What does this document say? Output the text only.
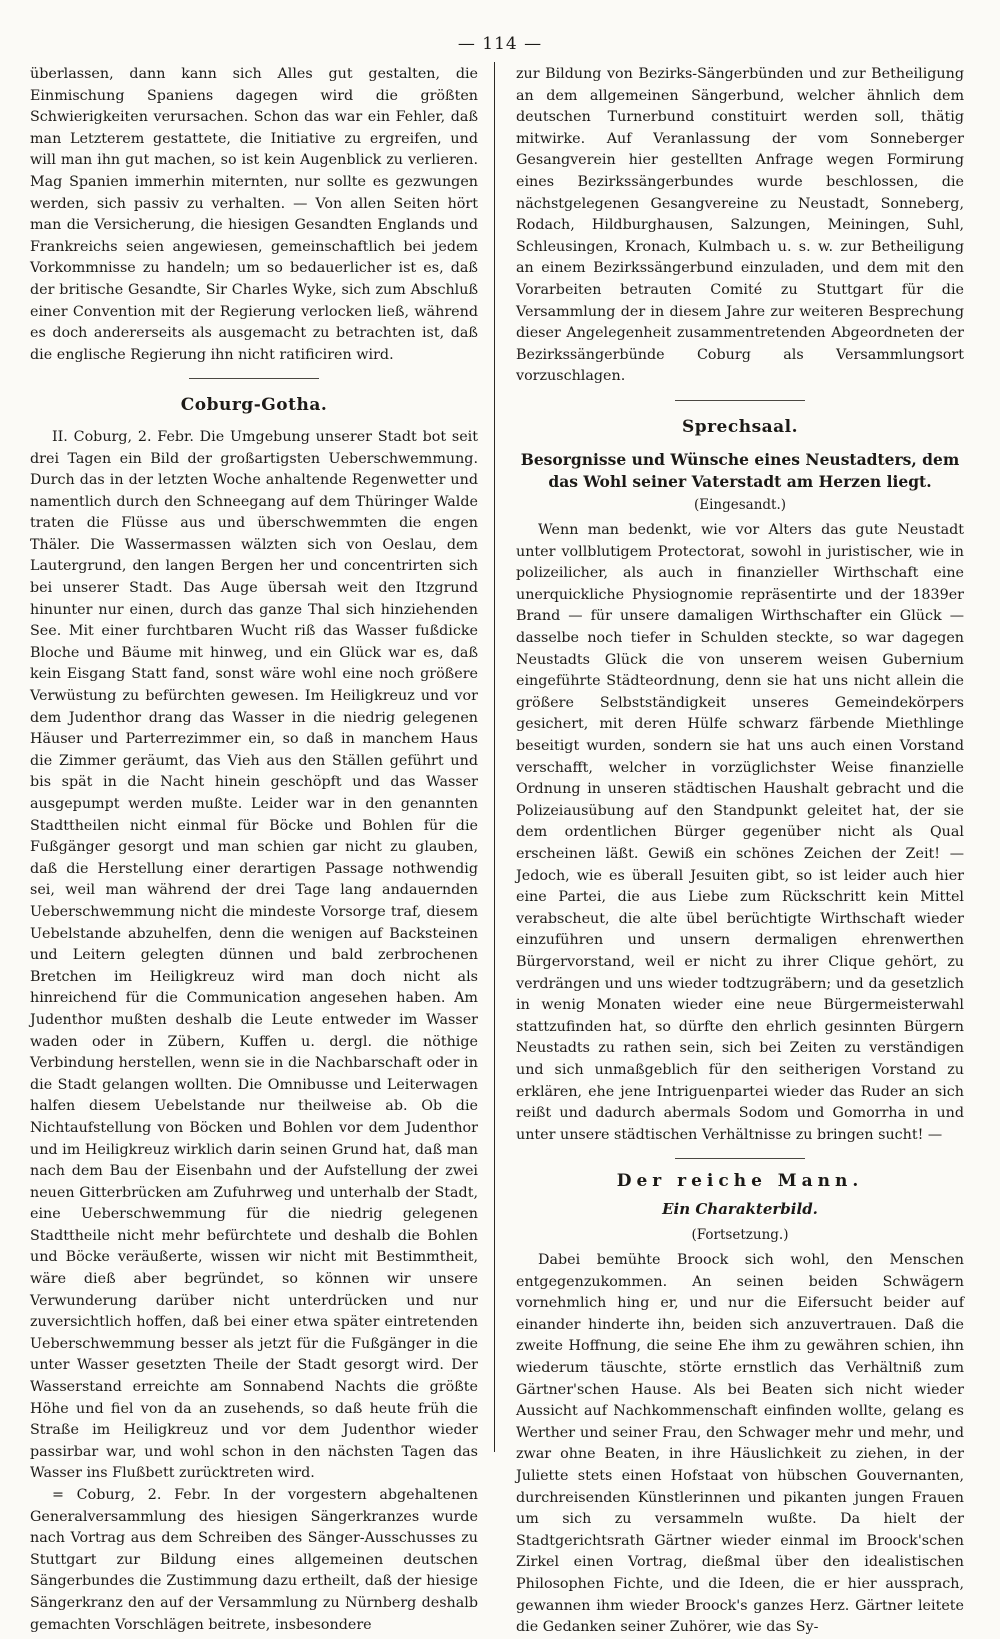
— 114 —

überlassen, dann kann sich Alles gut gestalten, die Einmischung Spaniens dagegen wird die größten Schwierigkeiten verursachen. Schon das war ein Fehler, daß man Letzterem gestattete, die Initiative zu ergreifen, und will man ihn gut machen, so ist kein Augenblick zu verlieren. Mag Spanien immerhin miternten, nur sollte es gezwungen werden, sich passiv zu verhalten. — Von allen Seiten hört man die Versicherung, die hiesigen Gesandten Englands und Frankreichs seien angewiesen, gemeinschaftlich bei jedem Vorkommnisse zu handeln; um so bedauerlicher ist es, daß der britische Gesandte, Sir Charles Wyke, sich zum Abschluß einer Convention mit der Regierung verlocken ließ, während es doch andererseits als ausgemacht zu betrachten ist, daß die englische Regierung ihn nicht ratificiren wird.

Coburg-Gotha.

II. Coburg, 2. Febr. Die Umgebung unserer Stadt bot seit drei Tagen ein Bild der großartigsten Ueberschwemmung. Durch das in der letzten Woche anhaltende Regenwetter und namentlich durch den Schneegang auf dem Thüringer Walde traten die Flüsse aus und überschwemmten die engen Thäler. Die Wassermassen wälzten sich von Oeslau, dem Lautergrund, den langen Bergen her und concentrirten sich bei unserer Stadt. Das Auge übersah weit den Itzgrund hinunter nur einen, durch das ganze Thal sich hinziehenden See. Mit einer furchtbaren Wucht riß das Wasser fußdicke Bloche und Bäume mit hinweg, und ein Glück war es, daß kein Eisgang Statt fand, sonst wäre wohl eine noch größere Verwüstung zu befürchten gewesen. Im Heiligkreuz und vor dem Judenthor drang das Wasser in die niedrig gelegenen Häuser und Parterrezimmer ein, so daß in manchem Haus die Zimmer geräumt, das Vieh aus den Ställen geführt und bis spät in die Nacht hinein geschöpft und das Wasser ausgepumpt werden mußte. Leider war in den genannten Stadttheilen nicht einmal für Böcke und Bohlen für die Fußgänger gesorgt und man schien gar nicht zu glauben, daß die Herstellung einer derartigen Passage nothwendig sei, weil man während der drei Tage lang andauernden Ueberschwemmung nicht die mindeste Vorsorge traf, diesem Uebelstande abzuhelfen, denn die wenigen auf Backsteinen und Leitern gelegten dünnen und bald zerbrochenen Bretchen im Heiligkreuz wird man doch nicht als hinreichend für die Communication angesehen haben. Am Judenthor mußten deshalb die Leute entweder im Wasser waden oder in Zübern, Kuffen u. dergl. die nöthige Verbindung herstellen, wenn sie in die Nachbarschaft oder in die Stadt gelangen wollten. Die Omnibusse und Leiterwagen halfen diesem Uebelstande nur theilweise ab. Ob die Nichtaufstellung von Böcken und Bohlen vor dem Judenthor und im Heiligkreuz wirklich darin seinen Grund hat, daß man nach dem Bau der Eisenbahn und der Aufstellung der zwei neuen Gitterbrücken am Zufuhrweg und unterhalb der Stadt, eine Ueberschwemmung für die niedrig gelegenen Stadttheile nicht mehr befürchtete und deshalb die Bohlen und Böcke veräußerte, wissen wir nicht mit Bestimmtheit, wäre dieß aber begründet, so können wir unsere Verwunderung darüber nicht unterdrücken und nur zuversichtlich hoffen, daß bei einer etwa später eintretenden Ueberschwemmung besser als jetzt für die Fußgänger in die unter Wasser gesetzten Theile der Stadt gesorgt wird. Der Wasserstand erreichte am Sonnabend Nachts die größte Höhe und fiel von da an zusehends, so daß heute früh die Straße im Heiligkreuz und vor dem Judenthor wieder passirbar war, und wohl schon in den nächsten Tagen das Wasser ins Flußbett zurücktreten wird.

= Coburg, 2. Febr. In der vorgestern abgehaltenen Generalversammlung des hiesigen Sängerkranzes wurde nach Vortrag aus dem Schreiben des Sänger-Ausschusses zu Stuttgart zur Bildung eines allgemeinen deutschen Sängerbundes die Zustimmung dazu ertheilt, daß der hiesige Sängerkranz den auf der Versammlung zu Nürnberg deshalb gemachten Vorschlägen beitrete, insbesondere

zur Bildung von Bezirks-Sängerbünden und zur Betheiligung an dem allgemeinen Sängerbund, welcher ähnlich dem deutschen Turnerbund constituirt werden soll, thätig mitwirke. Auf Veranlassung der vom Sonneberger Gesangverein hier gestellten Anfrage wegen Formirung eines Bezirkssängerbundes wurde beschlossen, die nächstgelegenen Gesangvereine zu Neustadt, Sonneberg, Rodach, Hildburghausen, Salzungen, Meiningen, Suhl, Schleusingen, Kronach, Kulmbach u. s. w. zur Betheiligung an einem Bezirkssängerbund einzuladen, und dem mit den Vorarbeiten betrauten Comité zu Stuttgart für die Versammlung der in diesem Jahre zur weiteren Besprechung dieser Angelegenheit zusammentretenden Abgeordneten der Bezirkssängerbünde Coburg als Versammlungsort vorzuschlagen.

Sprechsaal.
Besorgnisse und Wünsche eines Neustadters, dem das Wohl seiner Vaterstadt am Herzen liegt.
(Eingesandt.)

Wenn man bedenkt, wie vor Alters das gute Neustadt unter vollblutigem Protectorat, sowohl in juristischer, wie in polizeilicher, als auch in finanzieller Wirthschaft eine unerquickliche Physiognomie repräsentirte und der 1839er Brand — für unsere damaligen Wirthschafter ein Glück — dasselbe noch tiefer in Schulden steckte, so war dagegen Neustadts Glück die von unserem weisen Gubernium eingeführte Städteordnung, denn sie hat uns nicht allein die größere Selbstständigkeit unseres Gemeindekörpers gesichert, mit deren Hülfe schwarz färbende Miethlinge beseitigt wurden, sondern sie hat uns auch einen Vorstand verschafft, welcher in vorzüglichster Weise finanzielle Ordnung in unseren städtischen Haushalt gebracht und die Polizeiausübung auf den Standpunkt geleitet hat, der sie dem ordentlichen Bürger gegenüber nicht als Qual erscheinen läßt. Gewiß ein schönes Zeichen der Zeit! — Jedoch, wie es überall Jesuiten gibt, so ist leider auch hier eine Partei, die aus Liebe zum Rückschritt kein Mittel verabscheut, die alte übel berüchtigte Wirthschaft wieder einzuführen und unsern dermaligen ehrenwerthen Bürgervorstand, weil er nicht zu ihrer Clique gehört, zu verdrängen und uns wieder todtzugräbern; und da gesetzlich in wenig Monaten wieder eine neue Bürgermeisterwahl stattzufinden hat, so dürfte den ehrlich gesinnten Bürgern Neustadts zu rathen sein, sich bei Zeiten zu verständigen und sich unmaßgeblich für den seitherigen Vorstand zu erklären, ehe jene Intriguenpartei wieder das Ruder an sich reißt und dadurch abermals Sodom und Gomorrha in und unter unsere städtischen Verhältnisse zu bringen sucht! —

Der reiche Mann.
Ein Charakterbild.
(Fortsetzung.)

Dabei bemühte Broock sich wohl, den Menschen entgegenzukommen. An seinen beiden Schwägern vornehmlich hing er, und nur die Eifersucht beider auf einander hinderte ihn, beiden sich anzuvertrauen. Daß die zweite Hoffnung, die seine Ehe ihm zu gewähren schien, ihn wiederum täuschte, störte ernstlich das Verhältniß zum Gärtner'schen Hause. Als bei Beaten sich nicht wieder Aussicht auf Nachkommenschaft einfinden wollte, gelang es Werther und seiner Frau, den Schwager mehr und mehr, und zwar ohne Beaten, in ihre Häuslichkeit zu ziehen, in der Juliette stets einen Hofstaat von hübschen Gouvernanten, durchreisenden Künstlerinnen und pikanten jungen Frauen um sich zu versammeln wußte. Da hielt der Stadtgerichtsrath Gärtner wieder einmal im Broock'schen Zirkel einen Vortrag, dießmal über den idealistischen Philosophen Fichte, und die Ideen, die er hier aussprach, gewannen ihm wieder Broock's ganzes Herz. Gärtner leitete die Gedanken seiner Zuhörer, wie das Sy-
